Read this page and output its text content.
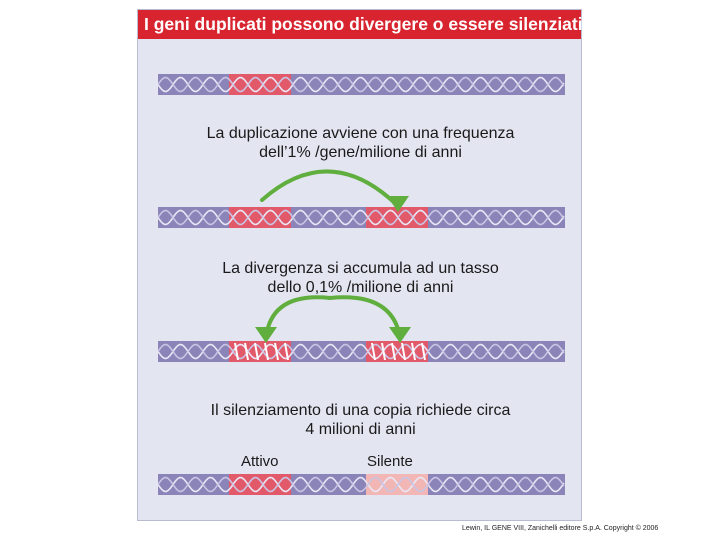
I geni duplicati possono divergere o essere silenziati
La duplicazione avviene con una frequenza
dell’1% /gene/milione di anni
La divergenza si accumula ad un tasso
dello 0,1% /milione di anni
Il silenziamento di una copia richiede circa
4 milioni di anni
Attivo	Silente
Lewin, IL GENE VIII, Zanichelli editore S.p.A. Copyright © 2006
